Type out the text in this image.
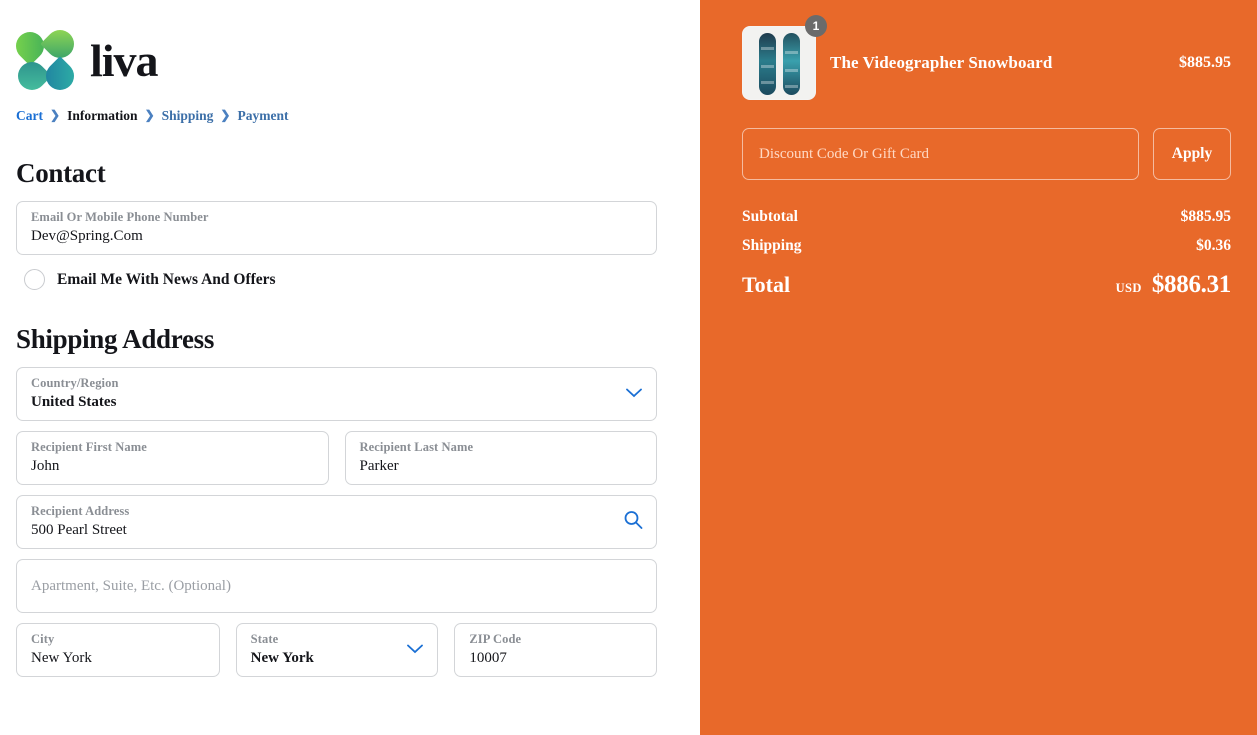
liva
Cart ❯ Information ❯ Shipping ❯ Payment
Contact
Email Or Mobile Phone Number
Dev@Spring.Com
Email Me With News And Offers
Shipping Address
Country/Region
United States
Recipient First Name
John
Recipient Last Name
Parker
Recipient Address
500 Pearl Street
Apartment, Suite, Etc. (Optional)
City
New York
State
New York
ZIP Code
10007
1
The Videographer Snowboard	$885.95
Discount Code Or Gift Card	Apply
Subtotal	$885.95
Shipping	$0.36
Total	USD $886.31
